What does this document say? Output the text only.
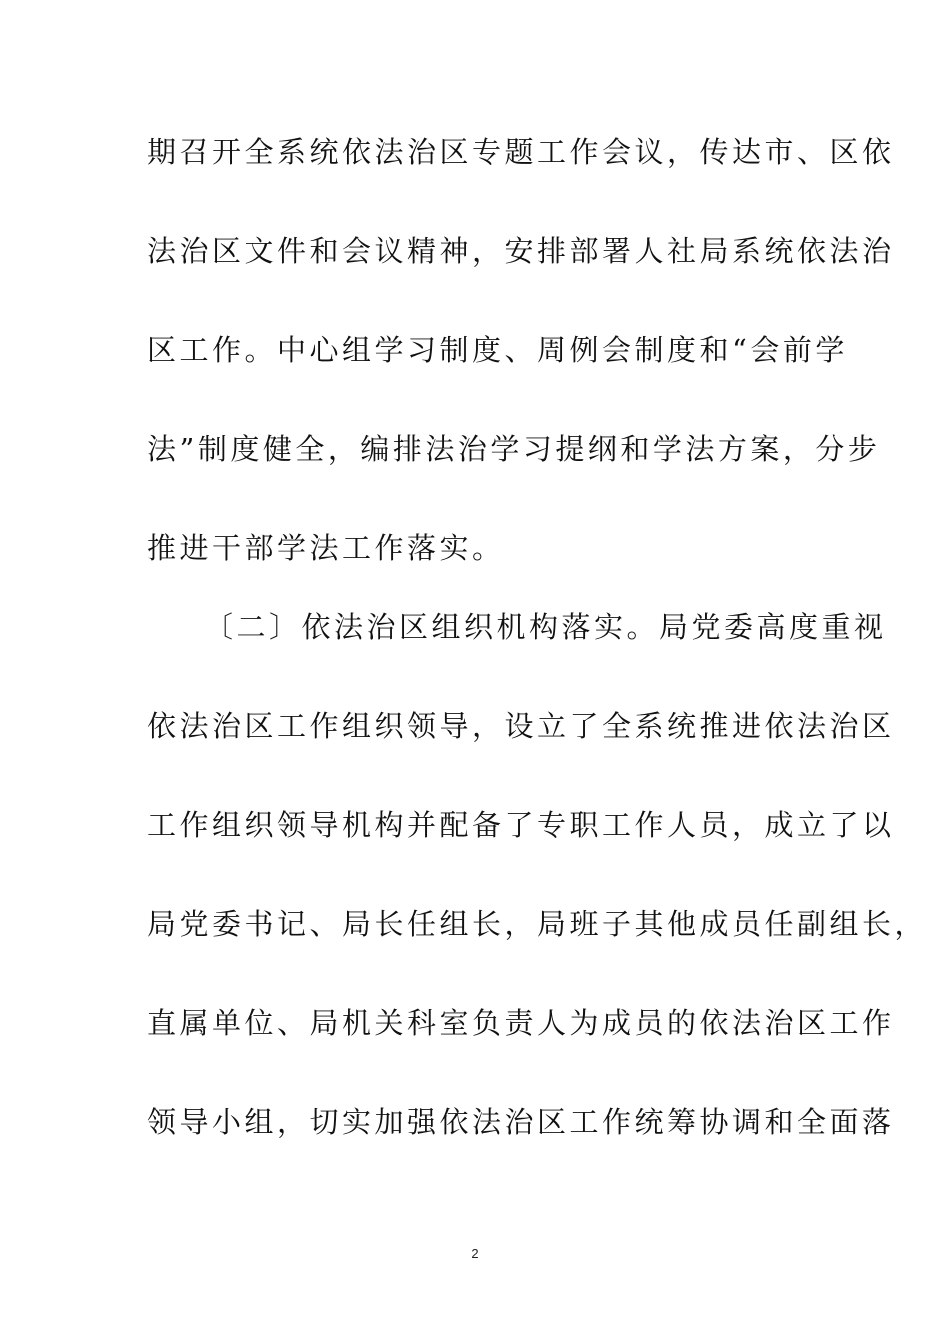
期召开全系统依法治区专题工作会议，传达市、区依
法治区文件和会议精神，安排部署人社局系统依法治
区工作。中心组学习制度、周例会制度和“会前学
法”制度健全，编排法治学习提纲和学法方案，分步
推进干部学法工作落实。
〔二〕依法治区组织机构落实。局党委高度重视
依法治区工作组织领导，设立了全系统推进依法治区
工作组织领导机构并配备了专职工作人员，成立了以
局党委书记、局长任组长，局班子其他成员任副组长，
直属单位、局机关科室负责人为成员的依法治区工作
领导小组，切实加强依法治区工作统筹协调和全面落
2
